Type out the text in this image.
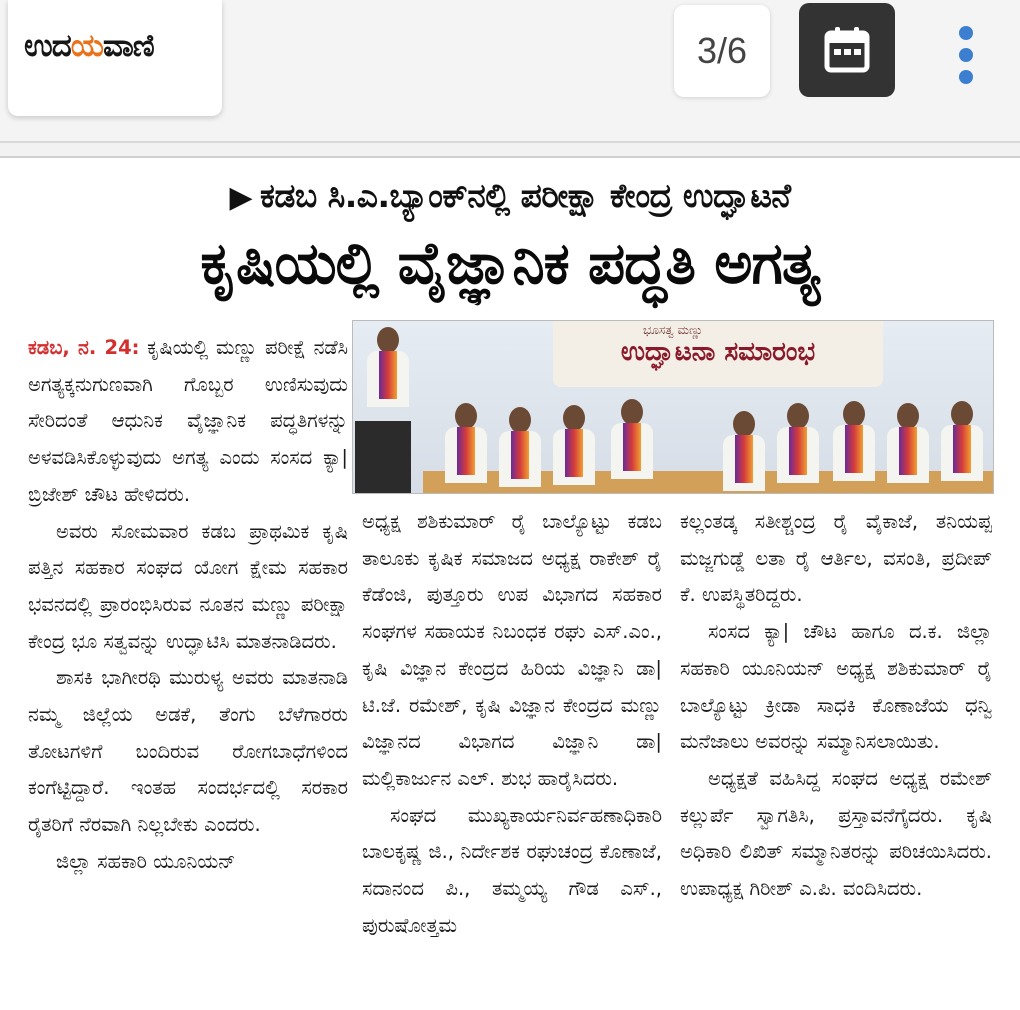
ಉದಯವಾಣಿ	3/6
▶ ಕಡಬ ಸಿ.ಎ.ಬ್ಯಾಂಕ್‌ನಲ್ಲಿ ಪರೀಕ್ಷಾ ಕೇಂದ್ರ ಉದ್ಘಾಟನೆ
ಕೃಷಿಯಲ್ಲಿ ವೈಜ್ಞಾನಿಕ ಪದ್ಧತಿ ಅಗತ್ಯ

ಕಡಬ, ನ. 24: ಕೃಷಿಯಲ್ಲಿ ಮಣ್ಣು ಪರೀಕ್ಷೆ ನಡೆಸಿ ಅಗತ್ಯಕ್ಕನುಗುಣವಾಗಿ ಗೊಬ್ಬರ ಉಣಿಸುವುದು ಸೇರಿದಂತೆ ಆಧುನಿಕ ವೈಜ್ಞಾನಿಕ ಪದ್ಧತಿಗಳನ್ನು ಅಳವಡಿಸಿಕೊಳ್ಳುವುದು ಅಗತ್ಯ ಎಂದು ಸಂಸದ ಕ್ಯಾ| ಬ್ರಿಜೇಶ್ ಚೌಟ ಹೇಳಿದರು.

ಅವರು ಸೋಮವಾರ ಕಡಬ ಪ್ರಾಥಮಿಕ ಕೃಷಿ ಪತ್ತಿನ ಸಹಕಾರ ಸಂಘದ ಯೋಗ ಕ್ಷೇಮ ಸಹಕಾರ ಭವನದಲ್ಲಿ ಪ್ರಾರಂಭಿಸಿರುವ ನೂತನ ಮಣ್ಣು ಪರೀಕ್ಷಾ ಕೇಂದ್ರ ಭೂ ಸತ್ವವನ್ನು ಉದ್ಘಾಟಿಸಿ ಮಾತನಾಡಿದರು.

ಶಾಸಕಿ ಭಾಗೀರಥಿ ಮುರುಳ್ಯ ಅವರು ಮಾತನಾಡಿ ನಮ್ಮ ಜಿಲ್ಲೆಯ ಅಡಕೆ, ತೆಂಗು ಬೆಳೆಗಾರರು ತೋಟಗಳಿಗೆ ಬಂದಿರುವ ರೋಗಬಾಧೆಗಳಿಂದ ಕಂಗೆಟ್ಟಿದ್ದಾರೆ. ಇಂತಹ ಸಂದರ್ಭದಲ್ಲಿ ಸರಕಾರ ರೈತರಿಗೆ ನೆರವಾಗಿ ನಿಲ್ಲಬೇಕು ಎಂದರು.

ಜಿಲ್ಲಾ ಸಹಕಾರಿ ಯೂನಿಯನ್

ಭೂಸತ್ವ ಮಣ್ಣು
ಉದ್ಘಾಟನಾ ಸಮಾರಂಭ

ಅಧ್ಯಕ್ಷ ಶಶಿಕುಮಾರ್ ರೈ ಬಾಲ್ಯೊಟ್ಟು ಕಡಬ ತಾಲೂಕು ಕೃಷಿಕ ಸಮಾಜದ ಅಧ್ಯಕ್ಷ ರಾಕೇಶ್ ರೈ ಕೆಡೆಂಜಿ, ಪುತ್ತೂರು ಉಪ ವಿಭಾಗದ ಸಹಕಾರ ಸಂಘಗಳ ಸಹಾಯಕ ನಿಬಂಧಕ ರಘು ಎಸ್.ಎಂ., ಕೃಷಿ ವಿಜ್ಞಾನ ಕೇಂದ್ರದ ಹಿರಿಯ ವಿಜ್ಞಾನಿ ಡಾ| ಟಿ.ಜೆ. ರಮೇಶ್, ಕೃಷಿ ವಿಜ್ಞಾನ ಕೇಂದ್ರದ ಮಣ್ಣು ವಿಜ್ಞಾನದ ವಿಭಾಗದ ವಿಜ್ಞಾನಿ ಡಾ| ಮಲ್ಲಿಕಾರ್ಜುನ ಎಲ್. ಶುಭ ಹಾರೈಸಿದರು.

ಸಂಘದ ಮುಖ್ಯಕಾರ್ಯನಿರ್ವಹಣಾಧಿಕಾರಿ ಬಾಲಕೃಷ್ಣ ಜಿ., ನಿರ್ದೇಶಕ ರಘುಚಂದ್ರ ಕೊಣಾಜೆ, ಸದಾನಂದ ಪಿ., ತಮ್ಮಯ್ಯ ಗೌಡ ಎಸ್., ಪುರುಷೋತ್ತಮ

ಕಲ್ಲಂತಡ್ಕ ಸತೀಶ್ಚಂದ್ರ ರೈ ವೈಕಾಜೆ, ತನಿಯಪ್ಪ ಮಜ್ಜಗುಡ್ಡೆ ಲತಾ ರೈ ಆರ್ತಿಲ, ವಸಂತಿ, ಪ್ರದೀಪ್ ಕೆ. ಉಪಸ್ಥಿತರಿದ್ದರು.

ಸಂಸದ ಕ್ಯಾ| ಚೌಟ ಹಾಗೂ ದ.ಕ. ಜಿಲ್ಲಾ ಸಹಕಾರಿ ಯೂನಿಯನ್ ಅಧ್ಯಕ್ಷ ಶಶಿಕುಮಾರ್ ರೈ ಬಾಲ್ಯೊಟ್ಟು ಕ್ರೀಡಾ ಸಾಧಕಿ ಕೊಣಾಜೆಯ ಧನ್ವಿ ಮನೆಜಾಲು ಅವರನ್ನು ಸಮ್ಮಾನಿಸಲಾಯಿತು.

ಅಧ್ಯಕ್ಷತೆ ವಹಿಸಿದ್ದ ಸಂಘದ ಅಧ್ಯಕ್ಷ ರಮೇಶ್ ಕಲ್ಲುರ್ಪೆ ಸ್ವಾಗತಿಸಿ, ಪ್ರಸ್ತಾವನೆಗೈದರು. ಕೃಷಿ ಅಧಿಕಾರಿ ಲಿಖಿತ್ ಸಮ್ಮಾನಿತರನ್ನು ಪರಿಚಯಿಸಿದರು. ಉಪಾಧ್ಯಕ್ಷ ಗಿರೀಶ್ ಎ.ಪಿ. ವಂದಿಸಿದರು.
